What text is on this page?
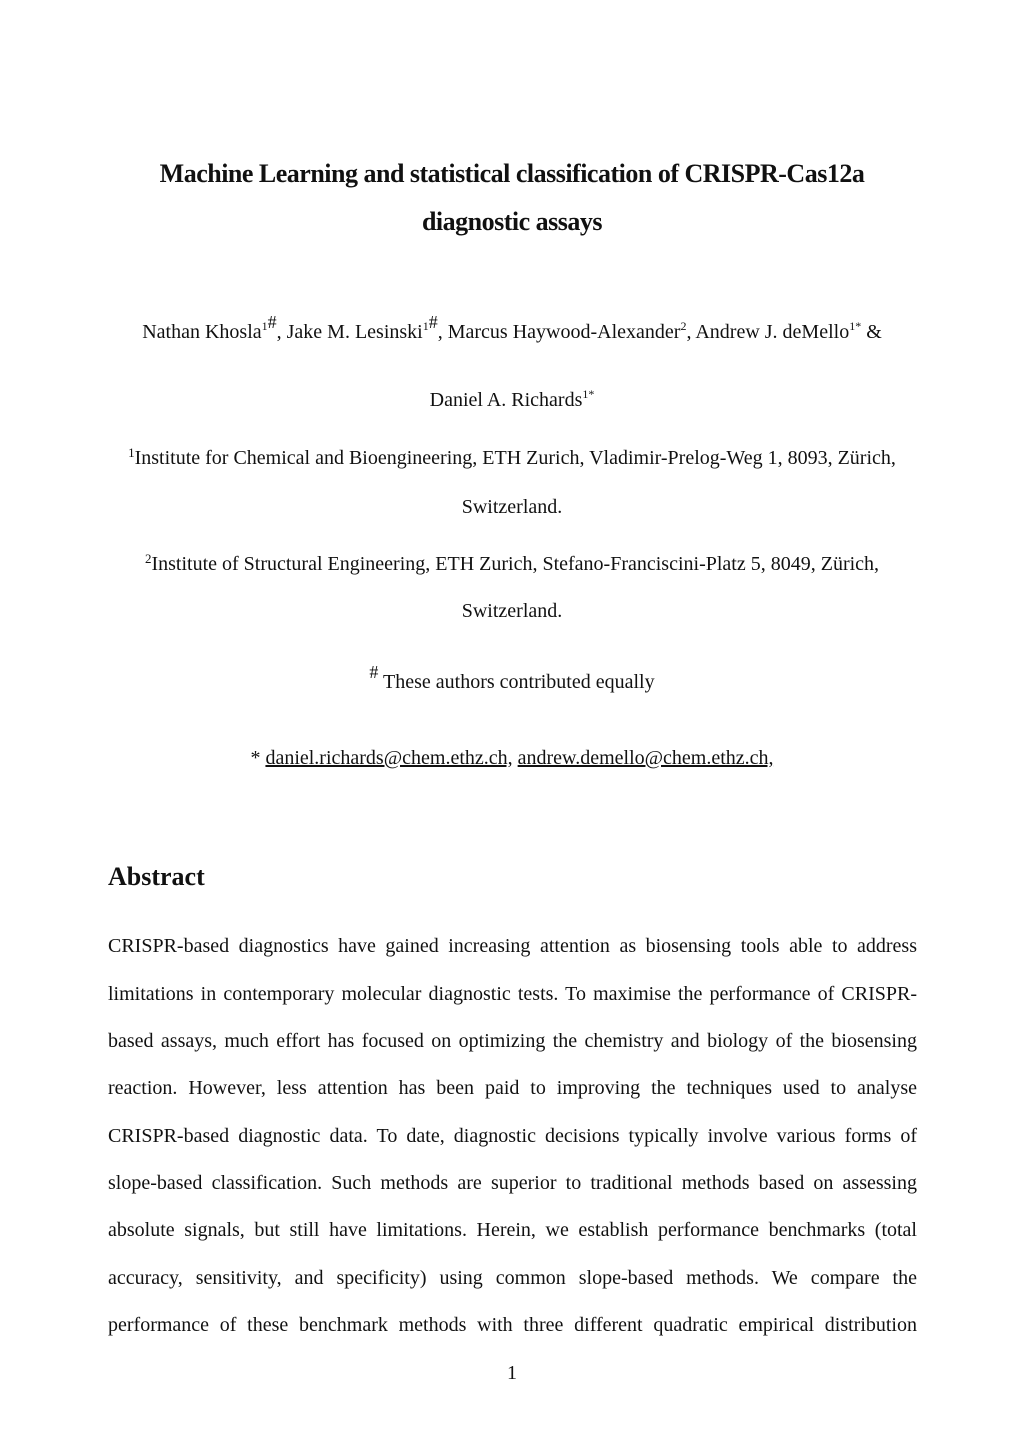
Machine Learning and statistical classification of CRISPR-Cas12a
diagnostic assays
Nathan Khosla$^{1\#}$, Jake M. Lesinski$^{1\#}$, Marcus Haywood-Alexander$^2$, Andrew J. deMello$^{1*}$ &
Daniel A. Richards$^{1*}$
$^1$Institute for Chemical and Bioengineering, ETH Zurich, Vladimir-Prelog-Weg 1, 8093, Zürich,
Switzerland.
$^2$Institute of Structural Engineering, ETH Zurich, Stefano-Franciscini-Platz 5, 8049, Zürich,
Switzerland.
# These authors contributed equally
* daniel.richards@chem.ethz.ch, andrew.demello@chem.ethz.ch,
Abstract
CRISPR-based diagnostics have gained increasing attention as biosensing tools able to address
limitations in contemporary molecular diagnostic tests. To maximise the performance of CRISPR-
based assays, much effort has focused on optimizing the chemistry and biology of the biosensing
reaction. However, less attention has been paid to improving the techniques used to analyse
CRISPR-based diagnostic data. To date, diagnostic decisions typically involve various forms of
slope-based classification. Such methods are superior to traditional methods based on assessing
absolute signals, but still have limitations. Herein, we establish performance benchmarks (total
accuracy, sensitivity, and specificity) using common slope-based methods. We compare the
performance of these benchmark methods with three different quadratic empirical distribution
1
